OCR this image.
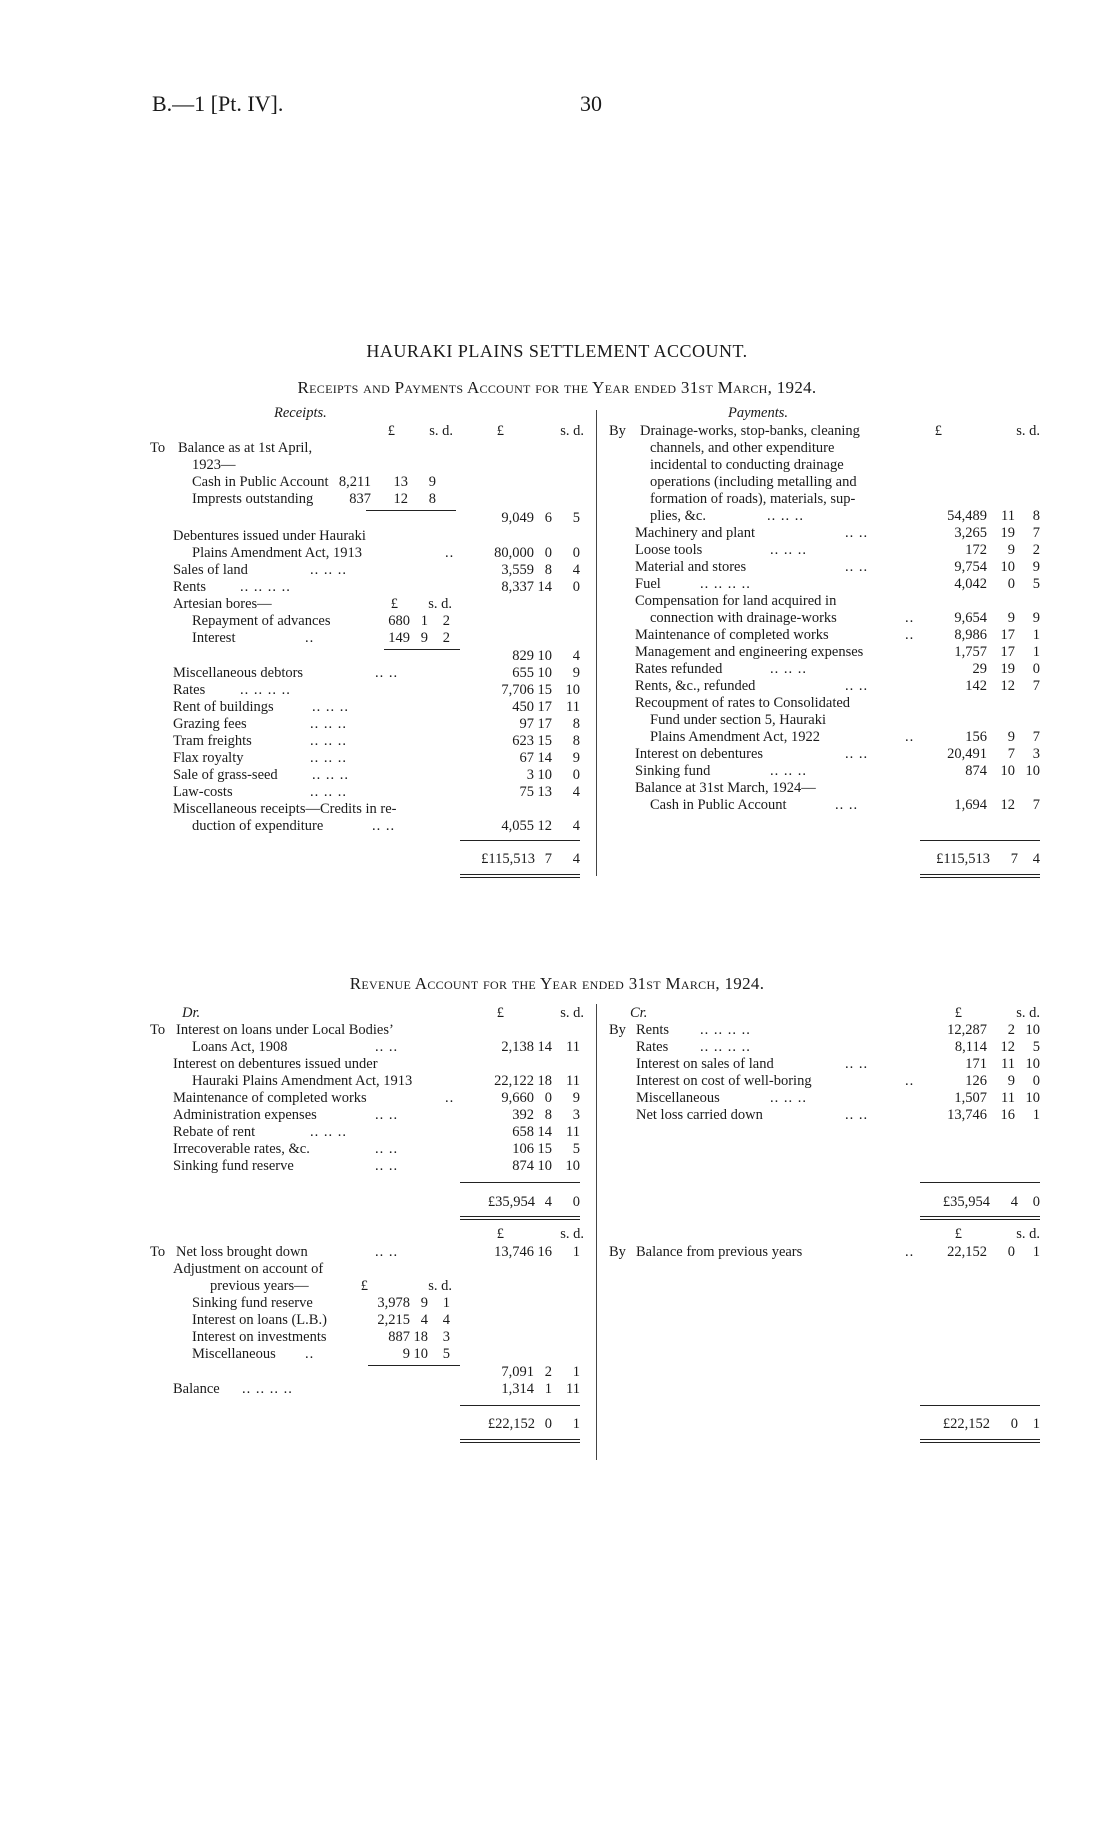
B.—1 [Pt. IV].	30
HAURAKI PLAINS SETTLEMENT ACCOUNT.
Receipts and Payments Account for the Year ended 31st March, 1924.
Receipts.	Payments.
£ s. d.	£	s. d.	£	s. d.
To Balance as at 1st April,
1923—
Cash in Public Account 8,211 13 9
Imprests outstanding 837 12 8
9,049 6 5
Debentures issued under Hauraki
Plains Amendment Act, 1913	..	80,000 0 0
Sales of land	.. .. ..	3,559 8 4
Rents .. .. .. ..	8,337 14 0
Artesian bores—	£ s. d.
Repayment of advances	680 1 2
Interest	..	149 9 2
829 10 4
Miscellaneous debtors	.. ..	655 10 9
Rates .. .. .. ..	7,706 15 10
Rent of buildings	.. .. ..	450 17 11
Grazing fees	.. .. ..	97 17 8
Tram freights	.. .. ..	623 15 8
Flax royalty	.. .. ..	67 14 9
Sale of grass-seed .. .. ..	3 10 0
Law-costs	.. .. ..	75 13 4
Miscellaneous receipts—Credits in re-
duction of expenditure	.. ..	4,055 12 4
£115,513 7 4
By Drainage-works, stop-banks, cleaning
channels, and other expenditure
incidental to conducting drainage
operations (including metalling and
formation of roads), materials, sup-
plies, &c.	.. .. ..	54,489 11 8
Machinery and plant	.. ..	3,265 19 7
Loose tools	.. .. ..	172 9 2
Material and stores	.. ..	9,754 10 9
Fuel	.. .. .. ..	4,042 0 5
Compensation for land acquired in
connection with drainage-works	..	9,654 9 9
Maintenance of completed works	..	8,986 17 1
Management and engineering expenses	1,757 17 1
Rates refunded	.. .. ..	29 19 0
Rents, &c., refunded	.. ..	142 12 7
Recoupment of rates to Consolidated
Fund under section 5, Hauraki
Plains Amendment Act, 1922	..	156 9 7
Interest on debentures	.. ..	20,491 7 3
Sinking fund	.. .. ..	874 10 10
Balance at 31st March, 1924—
Cash in Public Account	.. ..	1,694 12 7
£115,513 7 4
Dr.	£	s. d.	Cr.	£	s. d.
To Interest on loans under Local Bodies’
Loans Act, 1908	.. ..	2,138 14 11
Interest on debentures issued under
Hauraki Plains Amendment Act, 1913	22,122 18 11
Maintenance of completed works	..	9,660 0 9
Administration expenses	.. ..	392 8 3
Rebate of rent	.. .. ..	658 14 11
Irrecoverable rates, &c.	.. ..	106 15 5
Sinking fund reserve	.. ..	874 10 10
£35,954 4 0
By Rents .. .. .. ..	12,287 2 10
Rates .. .. .. ..	8,114 12 5
Interest on sales of land	.. ..	171 11 10
Interest on cost of well-boring	..	126 9 0
Miscellaneous	.. .. ..	1,507 11 10
Net loss carried down	.. ..	13,746 16 1
£35,954 4 0
£	s. d.	£	s. d.
To Net loss brought down	.. ..	13,746 16 1
Adjustment on account of
previous years—	£	s. d.
Sinking fund reserve	3,978 9 1
Interest on loans (L.B.)	2,215 4 4
Interest on investments	887 18 3
Miscellaneous ..	9 10 5
7,091 2 1
Balance .. .. .. ..	1,314 1 11
£22,152 0 1
By Balance from previous years	.. 22,152 0 1
£22,152 0 1
Revenue Account for the Year ended 31st March, 1924.
